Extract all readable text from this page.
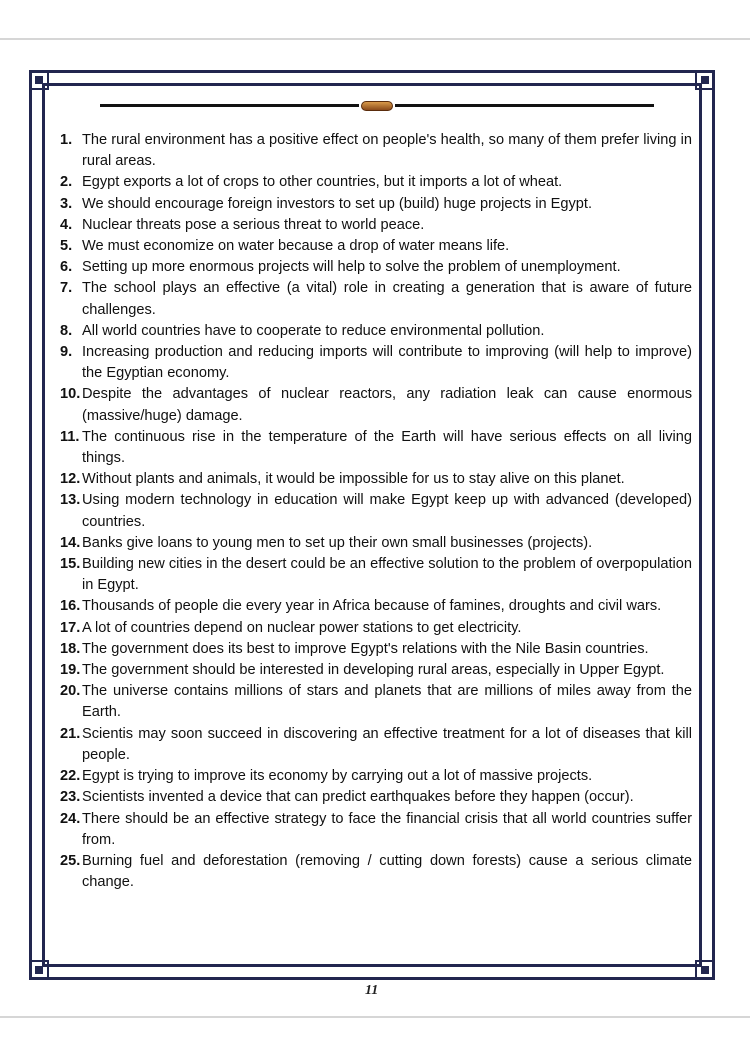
1. The rural environment has a positive effect on people's health, so many of them prefer living in rural areas.
2. Egypt exports a lot of crops to other countries, but it imports a lot of wheat.
3. We should encourage foreign investors to set up (build) huge projects in Egypt.
4. Nuclear threats pose a serious threat to world peace.
5. We must economize on water because a drop of water means life.
6. Setting up more enormous projects will help to solve the problem of unemployment.
7. The school plays an effective (a vital) role in creating a generation that is aware of future challenges.
8. All world countries have to cooperate to reduce environmental pollution.
9. Increasing production and reducing imports will contribute to improving (will help to improve) the Egyptian economy.
10. Despite the advantages of nuclear reactors, any radiation leak can cause enormous (massive/huge) damage.
11. The continuous rise in the temperature of the Earth will have serious effects on all living things.
12. Without plants and animals, it would be impossible for us to stay alive on this planet.
13. Using modern technology in education will make Egypt keep up with advanced (developed) countries.
14. Banks give loans to young men to set up their own small businesses (projects).
15. Building new cities in the desert could be an effective solution to the problem of overpopulation in Egypt.
16. Thousands of people die every year in Africa because of famines, droughts and civil wars.
17. A lot of countries depend on nuclear power stations to get electricity.
18. The government does its best to improve Egypt's relations with the Nile Basin countries.
19. The government should be interested in developing rural areas, especially in Upper Egypt.
20. The universe contains millions of stars and planets that are millions of miles away from the Earth.
21. Scientis may soon succeed in discovering an effective treatment for a lot of diseases that kill people.
22. Egypt is trying to improve its economy by carrying out a lot of massive projects.
23. Scientists invented a device that can predict earthquakes before they happen (occur).
24. There should be an effective strategy to face the financial crisis that all world countries suffer from.
25. Burning fuel and deforestation (removing / cutting down forests) cause a serious climate change.
11
